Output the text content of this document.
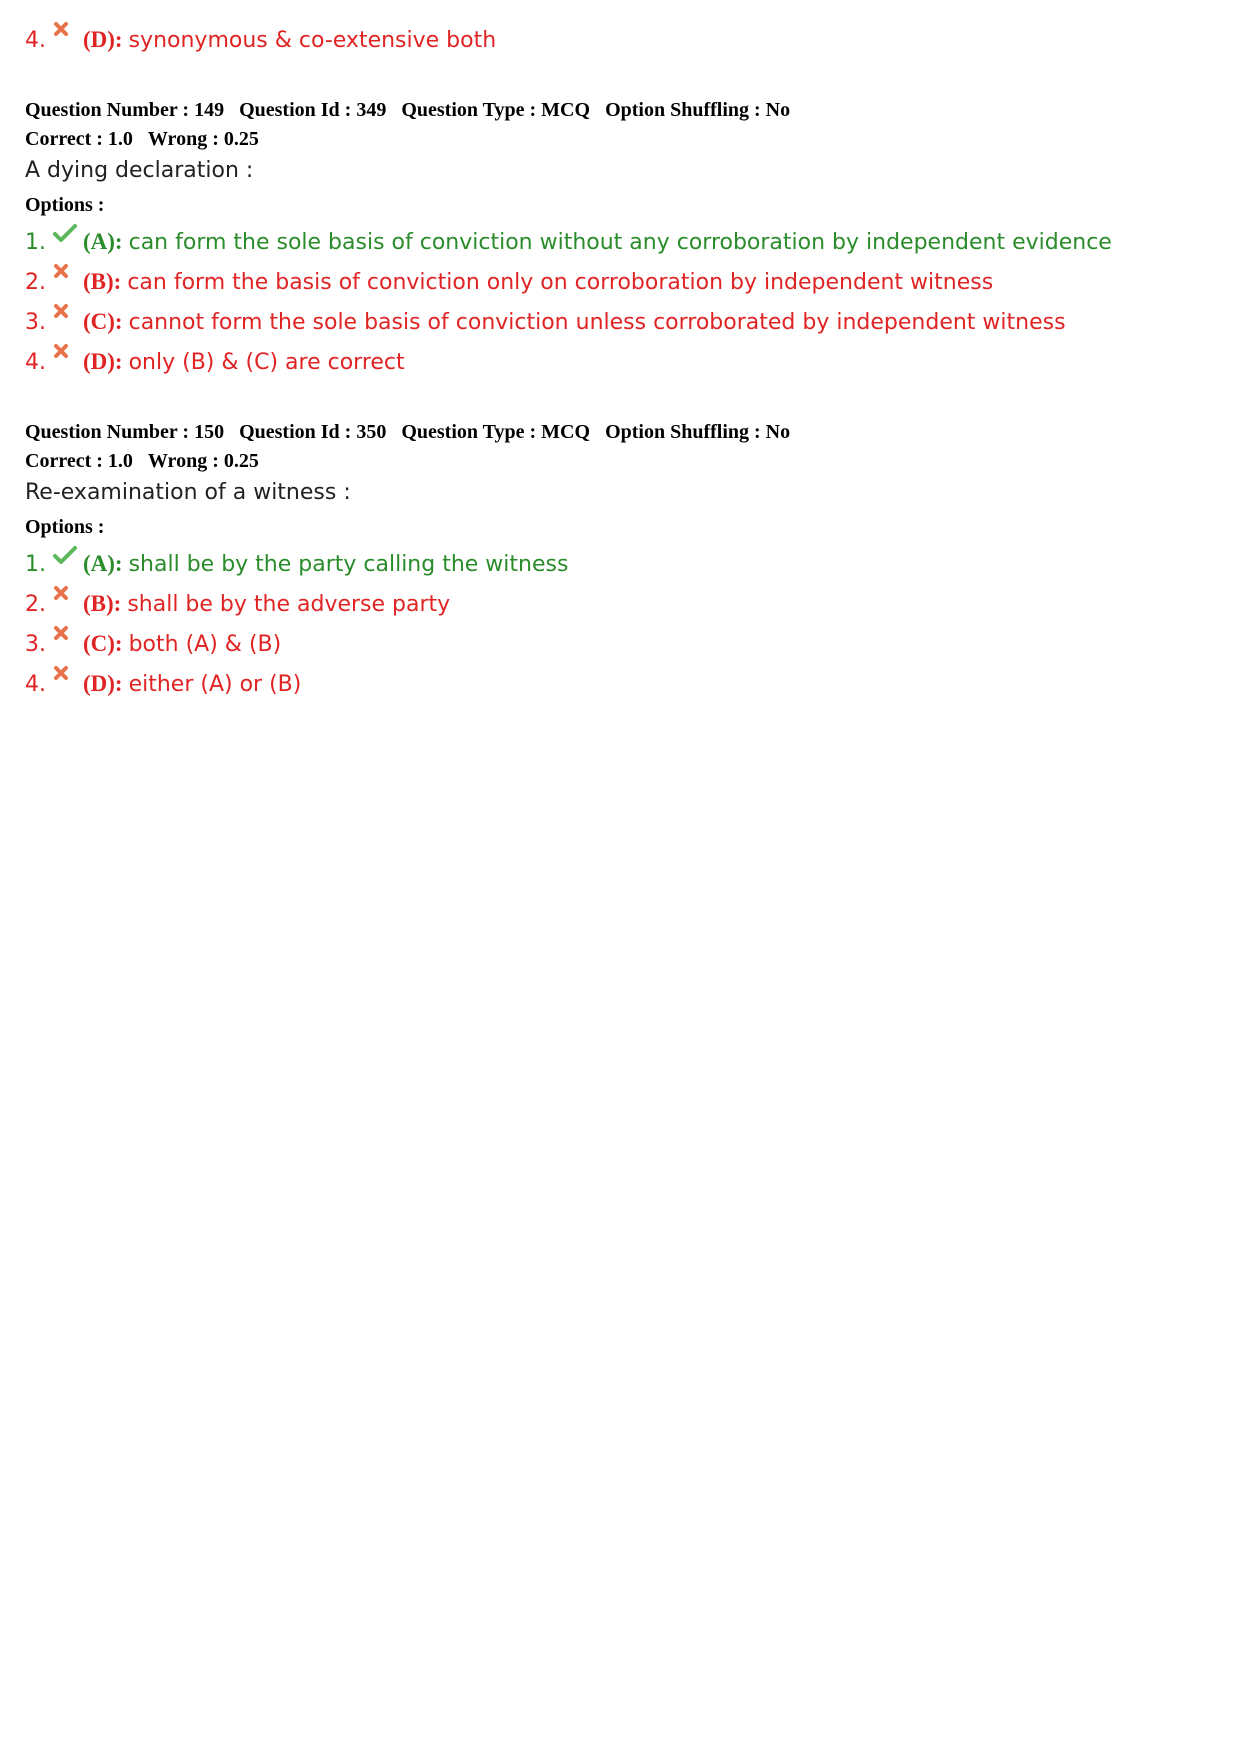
4.	(D): synonymous & co-extensive both
Question Number : 149 Question Id : 349 Question Type : MCQ Option Shuffling : No
Correct : 1.0 Wrong : 0.25
A dying declaration :
Options :
1.	(A): can form the sole basis of conviction without any corroboration by independent evidence
2.	(B): can form the basis of conviction only on corroboration by independent witness
3.	(C): cannot form the sole basis of conviction unless corroborated by independent witness
4.	(D): only (B) & (C) are correct
Question Number : 150 Question Id : 350 Question Type : MCQ Option Shuffling : No
Correct : 1.0 Wrong : 0.25
Re-examination of a witness :
Options :
1.	(A): shall be by the party calling the witness
2.	(B): shall be by the adverse party
3.	(C): both (A) & (B)
4.	(D): either (A) or (B)
